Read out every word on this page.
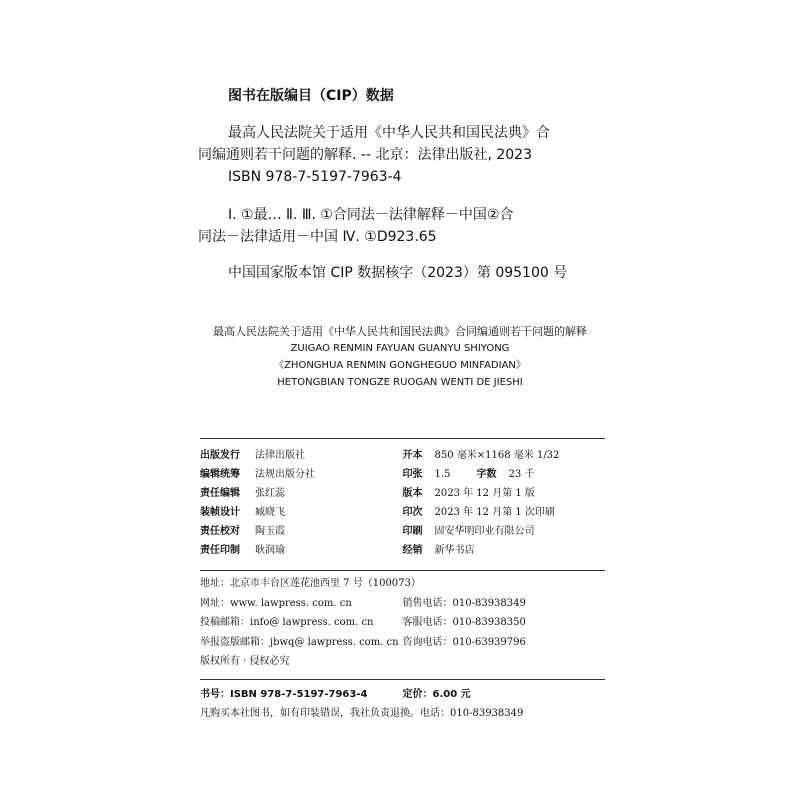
图书在版编目（CIP）数据
最高人民法院关于适用《中华人民共和国民法典》合
同编通则若干问题的解释. -- 北京：法律出版社, 2023
ISBN 978-7-5197-7963-4
Ⅰ. ①最… Ⅱ. Ⅲ. ①合同法－法律解释－中国②合
同法－法律适用－中国 Ⅳ. ①D923.65
中国国家版本馆 CIP 数据核字（2023）第 095100 号
最高人民法院关于适用《中华人民共和国民法典》合同编通则若干问题的解释
ZUIGAO RENMIN FAYUAN GUANYU SHIYONG
《ZHONGHUA RENMIN GONGHEGUO MINFADIAN》
HETONGBIAN TONGZE RUOGAN WENTI DE JIESHI
出版发行	法律出版社	开本	850 毫米×1168 毫米 1/32
编辑统筹	法规出版分社	印张	1.5	字数	23 千
责任编辑	张红蕊	版本	2023 年 12 月第 1 版
装帧设计	臧晓飞	印次	2023 年 12 月第 1 次印刷
责任校对	陶玉霞	印刷	固安华明印业有限公司
责任印制	耿润瑜	经销	新华书店
地址：北京市丰台区莲花池西里 7 号（100073）
网址：www. lawpress. com. cn	销售电话：010-83938349
投稿邮箱：info@ lawpress. com. cn	客服电话：010-83938350
举报盗版邮箱：jbwq@ lawpress. com. cn 咨询电话：010-63939796
版权所有 · 侵权必究
书号：ISBN 978-7-5197-7963-4	定价：6.00 元
凡购买本社图书，如有印装错误，我社负责退换。电话：010-83938349
